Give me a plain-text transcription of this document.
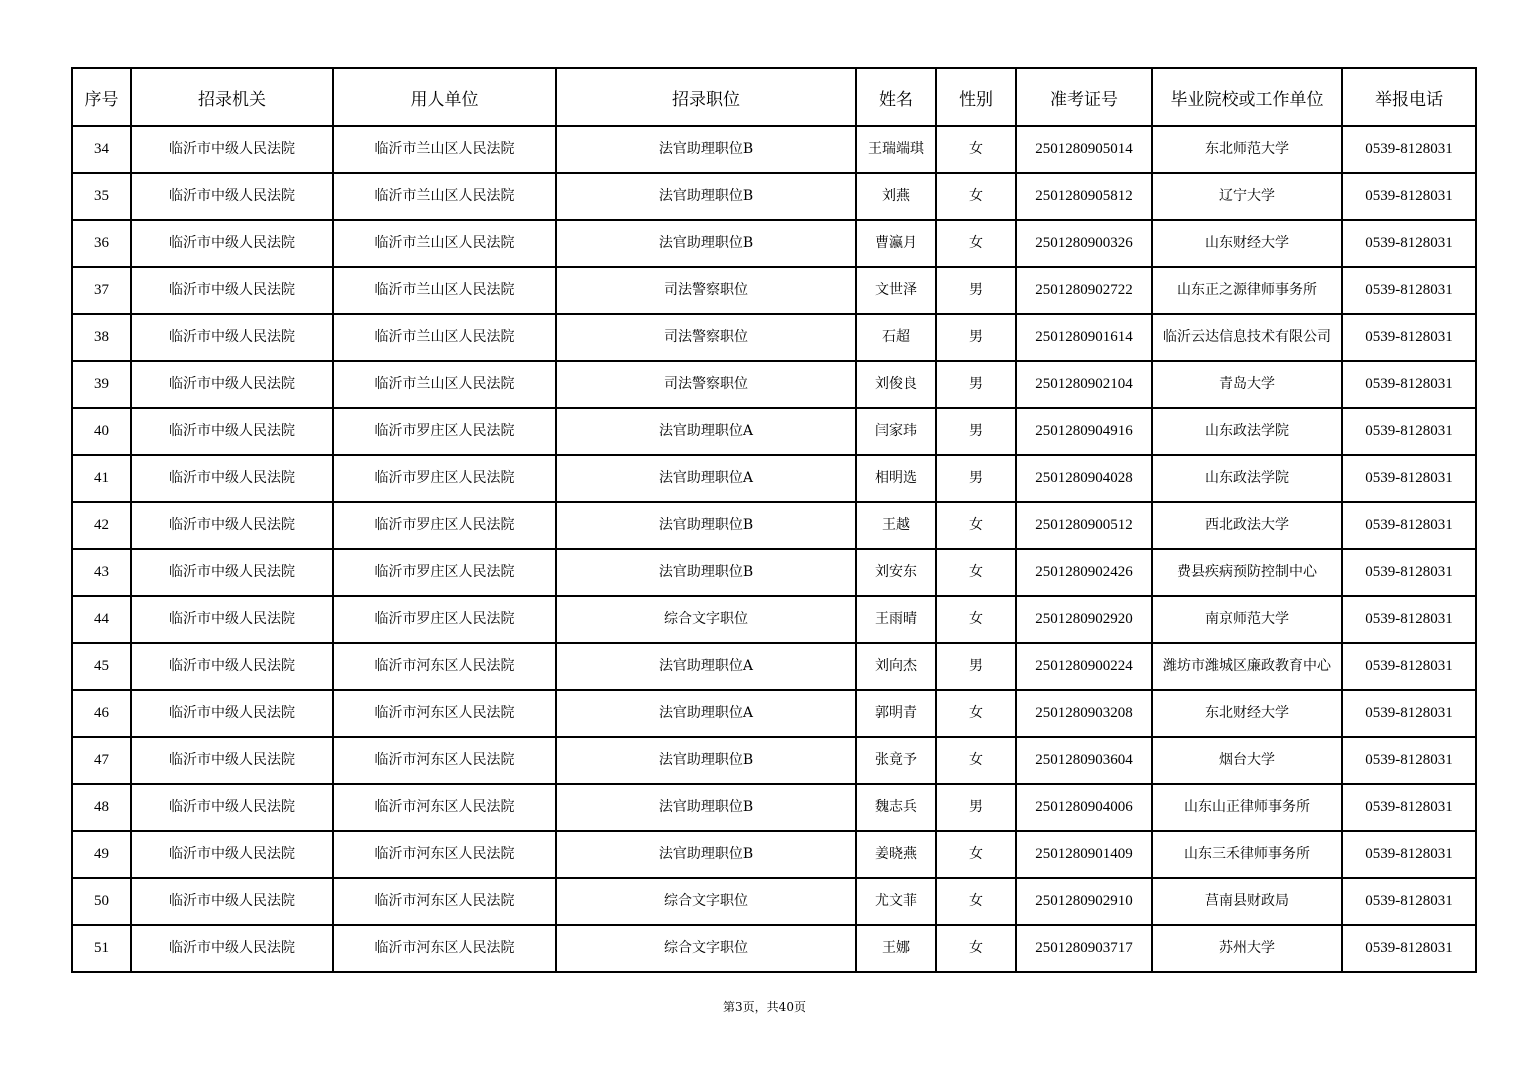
序号	招录机关	用人单位	招录职位	姓名	性别	准考证号	毕业院校或工作单位	举报电话
34	临沂市中级人民法院	临沂市兰山区人民法院	法官助理职位B	王瑞端琪	女	2501280905014	东北师范大学	0539-8128031
35	临沂市中级人民法院	临沂市兰山区人民法院	法官助理职位B	刘燕	女	2501280905812	辽宁大学	0539-8128031
36	临沂市中级人民法院	临沂市兰山区人民法院	法官助理职位B	曹瀛月	女	2501280900326	山东财经大学	0539-8128031
37	临沂市中级人民法院	临沂市兰山区人民法院	司法警察职位	文世泽	男	2501280902722	山东正之源律师事务所	0539-8128031
38	临沂市中级人民法院	临沂市兰山区人民法院	司法警察职位	石超	男	2501280901614	临沂云达信息技术有限公司	0539-8128031
39	临沂市中级人民法院	临沂市兰山区人民法院	司法警察职位	刘俊良	男	2501280902104	青岛大学	0539-8128031
40	临沂市中级人民法院	临沂市罗庄区人民法院	法官助理职位A	闫家玮	男	2501280904916	山东政法学院	0539-8128031
41	临沂市中级人民法院	临沂市罗庄区人民法院	法官助理职位A	相明选	男	2501280904028	山东政法学院	0539-8128031
42	临沂市中级人民法院	临沂市罗庄区人民法院	法官助理职位B	王越	女	2501280900512	西北政法大学	0539-8128031
43	临沂市中级人民法院	临沂市罗庄区人民法院	法官助理职位B	刘安东	女	2501280902426	费县疾病预防控制中心	0539-8128031
44	临沂市中级人民法院	临沂市罗庄区人民法院	综合文字职位	王雨晴	女	2501280902920	南京师范大学	0539-8128031
45	临沂市中级人民法院	临沂市河东区人民法院	法官助理职位A	刘向杰	男	2501280900224	潍坊市潍城区廉政教育中心	0539-8128031
46	临沂市中级人民法院	临沂市河东区人民法院	法官助理职位A	郭明青	女	2501280903208	东北财经大学	0539-8128031
47	临沂市中级人民法院	临沂市河东区人民法院	法官助理职位B	张竟予	女	2501280903604	烟台大学	0539-8128031
48	临沂市中级人民法院	临沂市河东区人民法院	法官助理职位B	魏志兵	男	2501280904006	山东山正律师事务所	0539-8128031
49	临沂市中级人民法院	临沂市河东区人民法院	法官助理职位B	姜晓燕	女	2501280901409	山东三禾律师事务所	0539-8128031
50	临沂市中级人民法院	临沂市河东区人民法院	综合文字职位	尤文菲	女	2501280902910	莒南县财政局	0539-8128031
51	临沂市中级人民法院	临沂市河东区人民法院	综合文字职位	王娜	女	2501280903717	苏州大学	0539-8128031
第3页，共40页
